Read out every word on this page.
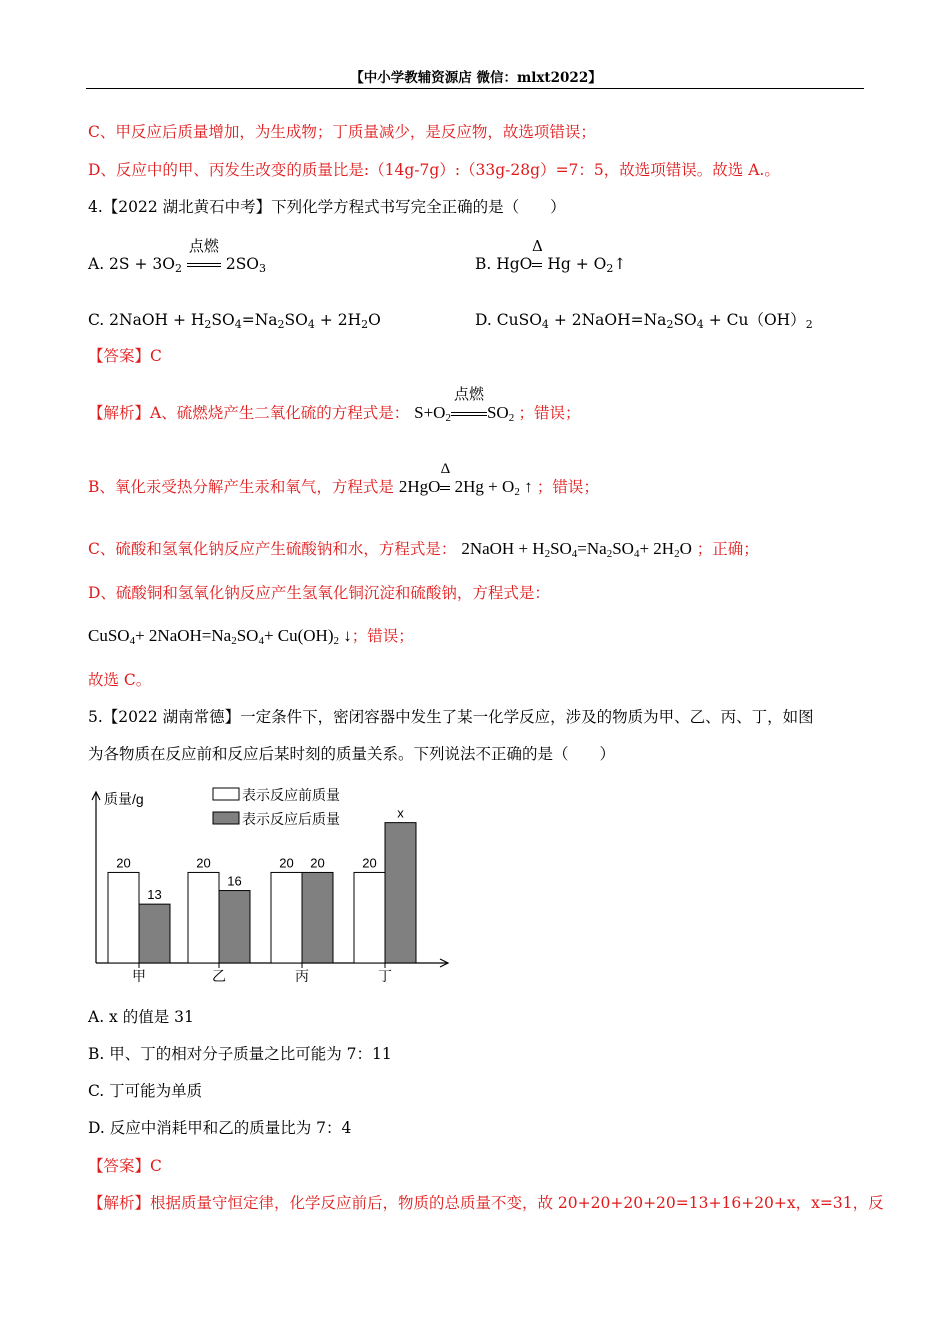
【中小学教辅资源店 微信：mlxt2022】
C、甲反应后质量增加，为生成物；丁质量减少，是反应物，故选项错误；
D、反应中的甲、丙发生改变的质量比是:（14g-7g）:（33g-28g）=7：5，故选项错误。故选 A.。
4.【2022 湖北黄石中考】下列化学方程式书写完全正确的是（　　）
A. $2S + 3O_2$
点燃
$2SO_3$	B. HgO
Δ
$Hg + O_2↑$
C. 2NaOH + $H_2SO_4=Na_2SO_4 + 2H_2O$	D. CuSO$_4$ + $2NaOH=Na_2SO_4 + Cu(OH)_2$
【答案】C
【解析】A、硫燃烧产生二氧化硫的方程式是： $S+O_2$
点燃
$SO_2$ ；错误；
B、氧化汞受热分解产生汞和氧气，方程式是 2HgO
Δ
$2Hg + O_2$ ↑ ；错误；
C、硫酸和氢氧化钠反应产生硫酸钠和水，方程式是： 2NaOH + $H_2SO_4=Na_2SO_4+ 2H_2O$ ；正确；
D、硫酸铜和氢氧化钠反应产生氢氧化铜沉淀和硫酸钠，方程式是：
CuSO$_4$+ $2NaOH=Na_2SO_4+ Cu(OH)_2$ ↓；错误；
故选 C。
5.【2022 湖南常德】一定条件下，密闭容器中发生了某一化学反应，涉及的物质为甲、乙、丙、丁，如图
为各物质在反应前和反应后某时刻的质量关系。下列说法不正确的是（　　）
质量/g
20
13
甲
20
16
乙
20 20
丙
20
x
丁
表示反应前质量
表示反应后质量
A. x 的值是 31
B. 甲、丁的相对分子质量之比可能为 7：11
C. 丁可能为单质
D. 反应中消耗甲和乙的质量比为 7：4
【答案】C
【解析】根据质量守恒定律，化学反应前后，物质的总质量不变，故 20+20+20+20=13+16+20+x，x=31，反
